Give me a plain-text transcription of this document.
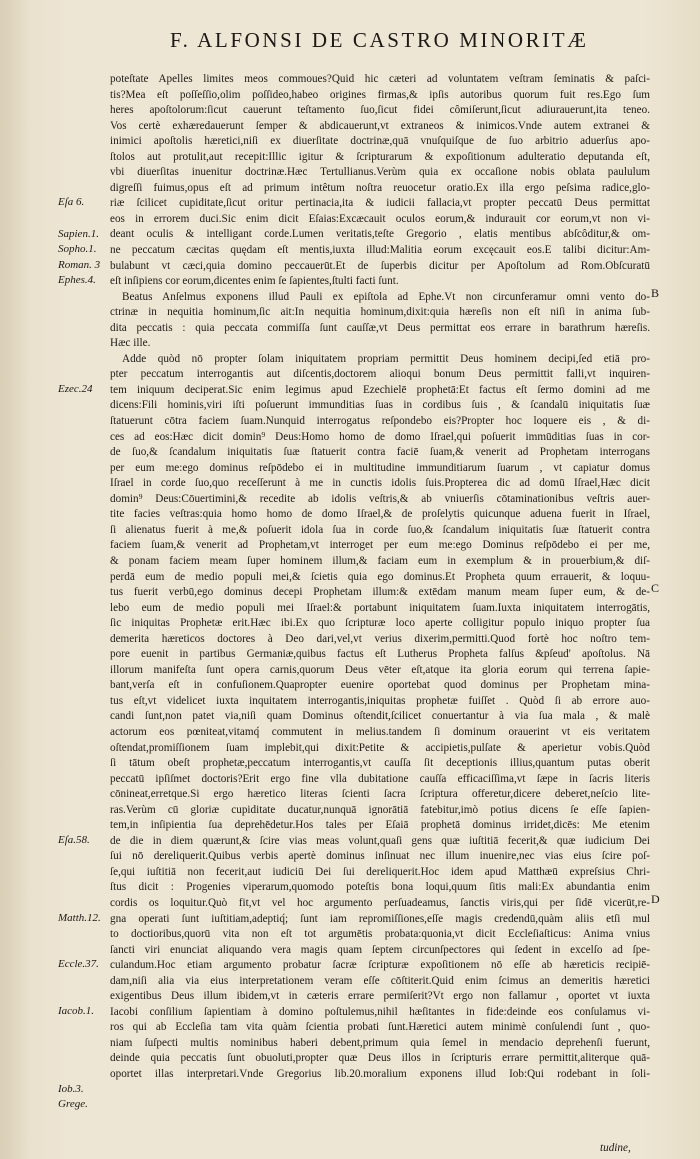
F. ALFONSI DE CASTRO MINORITÆ
poteſtate Apelles limites meos commoues?Quid hic cæteri ad voluntatem veſtram ſeminatis & paſci-
tis?Mea eſt poſſeſſio,olim poſſideo,habeo origines firmas,& ipſis autoribus quorum fuit res.Ego ſum
heres apoſtolorum:ſicut cauerunt teſtamento ſuo,ſicut fidei cômiſerunt,ſicut adiurauerunt,ita teneo.
Vos certè exhæredauerunt ſemper & abdicauerunt,vt extraneos & inimicos.Vnde autem extranei &
inimici apoſtolis hæretici,niſi ex diuerſitate doctrinæ,quā vnuſquiſque de ſuo arbitrio aduerſus apo-
ſtolos aut protulit,aut recepit:Illic igitur & ſcripturarum & expoſitionum adulteratio deputanda eſt,
vbi diuerſitas inuenitur doctrinæ.Hæc Tertullianus.Verùm quia ex occaſione nobis oblata paululum
digreſſi fuimus,opus eſt ad primum intêtum noſtra reuocetur oratio.Ex illa ergo peſsima radice,glo-
riæ ſcilicet cupiditate,ſicut oritur pertinacia,ita & iudicii fallacia,vt propter peccatū Deus permittat
eos in errorem duci.Sic enim dicit Eſaias:Excæcauit oculos eorum,& indurauit cor eorum,vt non vi-
deant oculis & intelligant corde.Lumen veritatis,teſte Gregorio , elatis mentibus abſcôditur,& om-
ne peccatum cæcitas quędam eſt mentis,iuxta illud:Malitia eorum excęcauit eos.E talibi dicitur:Am-
bulabunt vt cæci,quia domino peccauerūt.Et de ſuperbis dicitur per Apoſtolum ad Rom.Obſcuratū
eſt inſipiens cor eorum,dicentes enim ſe ſapientes,ſtulti facti ſunt.
Beatus Anſelmus exponens illud Pauli ex epiſtola ad Ephe.Vt non circunferamur omni vento do-
ctrinæ in nequitia hominum,ſic ait:In nequitia hominum,dixit:quia hæreſis non eſt niſi in anima ſub-
dita peccatis : quia peccata commiſſa ſunt cauſſæ,vt Deus permittat eos errare in barathrum hæreſis.
Hæc ille.
Adde quòd nō propter ſolam iniquitatem propriam permittit Deus hominem decipi,ſed etiā pro-
pter peccatum interrogantis aut diſcentis,doctorem alioqui bonum Deus permittit falli,vt inquiren-
tem iniquum deciperat.Sic enim legimus apud Ezechielē prophetā:Et factus eſt ſermo domini ad me
dicens:Fili hominis,viri iſti poſuerunt immunditias ſuas in cordibus ſuis , & ſcandalū iniquitatis ſuæ
ſtatuerunt cōtra faciem ſuam.Nunquid interrogatus reſpondebo eis?Propter hoc loquere eis , & di-
ces ad eos:Hæc dicit domin⁹ Deus:Homo homo de domo Iſrael,qui poſuerit immūditias ſuas in cor-
de ſuo,& ſcandalum iniquitatis ſuæ ſtatuerit contra faciē ſuam,& venerit ad Prophetam interrogans
per eum me:ego dominus reſpōdebo ei in multitudine immunditiarum ſuarum , vt capiatur domus
Iſrael in corde ſuo,quo receſſerunt à me in cunctis idolis ſuis.Propterea dic ad domū Iſrael,Hæc dicit
domin⁹ Deus:Cōuertimini,& recedite ab idolis veſtris,& ab vniuerſis cōtaminationibus veſtris auer-
tite facies veſtras:quia homo homo de domo Iſrael,& de proſelytis quicunque aduena fuerit in Iſrael,
ſi alienatus fuerit à me,& poſuerit idola ſua in corde ſuo,& ſcandalum iniquitatis ſuæ ſtatuerit contra
faciem ſuam,& venerit ad Prophetam,vt interroget per eum me:ego Dominus reſpōdebo ei per me,
& ponam faciem meam ſuper hominem illum,& faciam eum in exemplum & in prouerbium,& diſ-
perdā eum de medio populi mei,& ſcietis quia ego dominus.Et Propheta quum errauerit, & loquu-
tus fuerit verbū,ego dominus decepi Prophetam illum:& extēdam manum meam ſuper eum, & de-
lebo eum de medio populi mei Iſrael:& portabunt iniquitatem ſuam.Iuxta iniquitatem interrogātis,
ſic iniquitas Prophetæ erit.Hæc ibi.Ex quo ſcripturæ loco aperte colligitur populo iniquo propter ſua
demerita hæreticos doctores à Deo dari,vel,vt verius dixerim,permitti.Quod fortè hoc noſtro tem-
pore euenit in partibus Germaniæ,quibus factus eſt Lutherus Propheta falſus &pſeud' apoſtolus. Nā
illorum manifeſta ſunt opera carnis,quorum Deus vēter eſt,atque ita gloria eorum qui terrena ſapie-
bant,verſa eſt in confuſionem.Quapropter euenire oportebat quod dominus per Prophetam mina-
tus eſt,vt videlicet iuxta inquitatem interrogantis,iniquitas prophetæ fuiſſet . Quòd ſi ab errore auo-
candi ſunt,non patet via,niſi quam Dominus oſtendit,ſcilicet conuertantur à via ſua mala , & malè
actorum eos pœniteat,vitamq́ commutent in melius.tandem ſi dominum orauerint vt eis veritatem
oſtendat,promiſſionem ſuam implebit,qui dixit:Petite & accipietis,pulſate & aperietur vobis.Quòd
ſi tātum obeſt prophetæ,peccatum interrogantis,vt cauſſa ſit deceptionis illius,quantum putas oberit
peccatū ipſiſmet doctoris?Erit ergo fine vlla dubitatione cauſſa efficaciſſima,vt ſæpe in ſacris literis
cōnineat,erretque.Si ergo hæretico literas ſcienti ſacra ſcriptura offeretur,dicere deberet,neſcio lite-
ras.Verùm cū gloriæ cupiditate ducatur,nunquā ignorātiā fatebitur,imò potius dicens ſe eſſe ſapien-
tem,in inſipientia ſua deprehēdetur.Hos tales per Eſaiā prophetā dominus irridet,dicēs: Me etenim
de die in diem quærunt,& ſcire vias meas volunt,quaſi gens quæ iuſtitiā fecerit,& quæ iudicium Dei
ſui nō dereliquerit.Quibus verbis apertè dominus inſinuat nec illum inuenire,nec vias eius ſcire poſ-
ſe,qui iuſtitiā non fecerit,aut iudiciū Dei ſui dereliquerit.Hoc idem apud Matthæū expreſsius Chri-
ſtus dicit : Progenies viperarum,quomodo poteſtis bona loqui,quum ſitis mali:Ex abundantia enim
cordis os loquitur.Quò fit,vt vel hoc argumento perſuadeamus, ſanctis viris,qui per ſidē vicerūt,re-
gna operati ſunt iuſtitiam,adeptiq́; ſunt iam repromiſſiones,eſſe magis credendū,quàm aliis etſi mul
to doctioribus,quorū vita non eſt tot argumētis probata:quonia,vt dicit Eccleſiaſticus: Anima vnius
ſancti viri enunciat aliquando vera magis quam ſeptem circunſpectores qui ſedent in excelſo ad ſpe-
culandum.Hoc etiam argumento probatur ſacræ ſcripturæ expoſitionem nō eſſe ab hæreticis recipiē-
dam,niſi alia via eius interpretationem veram eſſe cōſtiterit.Quid enim ſcimus an demeritis hæretici
exigentibus Deus illum ibidem,vt in cæteris errare permiſerit?Vt ergo non fallamur , oportet vt iuxta
Iacobi conſilium ſapientiam à domino poſtulemus,nihil hæſitantes in fide:deinde eos conſulamus vi-
ros qui ab Eccleſia tam vita quàm ſcientia probati ſunt.Hæretici autem minimè conſulendi ſunt , quo-
niam ſuſpecti multis nominibus haberi debent,primum quia ſemel in mendacio deprehenſi fuerunt,
deinde quia peccatis ſunt obuoluti,propter quæ Deus illos in ſcripturis errare permittit,aliterque quā-
oportet illas interpretari.Vnde Gregorius lib.20.moralium exponens illud Iob:Qui rodebant in ſoli-
Eſa 6.
Sapien.1.
Sopho.1.
Roman. 3
Ephes.4.
Ezec.24
Eſa.58.
Matth.12.
Eccle.37.
Iacob.1.
Iob.3.
Grege.
B
C
D
tudine,
